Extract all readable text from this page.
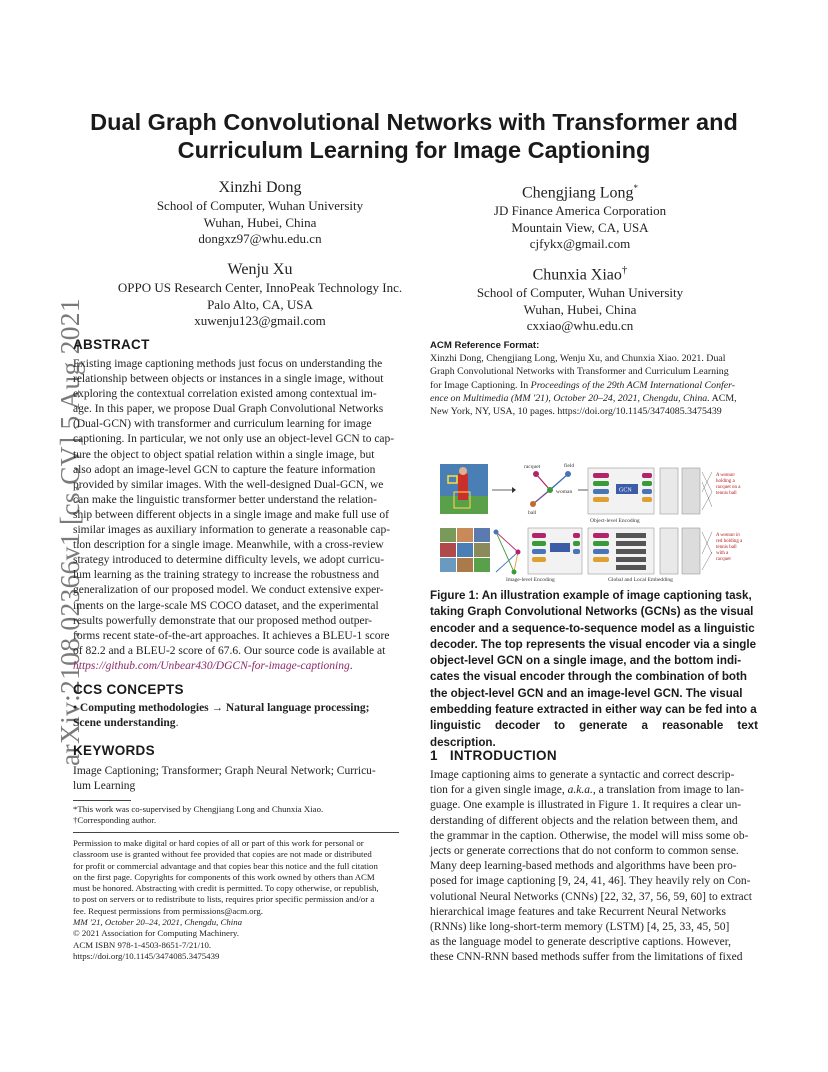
arXiv:2108.02366v1 [cs.CV] 5 Aug 2021
Dual Graph Convolutional Networks with Transformer and
Curriculum Learning for Image Captioning
Xinzhi Dong
School of Computer, Wuhan University
Wuhan, Hubei, China
dongxz97@whu.edu.cn
Chengjiang Long*
JD Finance America Corporation
Mountain View, CA, USA
cjfykx@gmail.com
Wenju Xu
OPPO US Research Center, InnoPeak Technology Inc.
Palo Alto, CA, USA
xuwenju123@gmail.com
Chunxia Xiao†
School of Computer, Wuhan University
Wuhan, Hubei, China
cxxiao@whu.edu.cn
ABSTRACT
Existing image captioning methods just focus on understanding the
relationship between objects or instances in a single image, without
exploring the contextual correlation existed among contextual im-
age. In this paper, we propose Dual Graph Convolutional Networks
(Dual-GCN) with transformer and curriculum learning for image
captioning. In particular, we not only use an object-level GCN to cap-
ture the object to object spatial relation within a single image, but
also adopt an image-level GCN to capture the feature information
provided by similar images. With the well-designed Dual-GCN, we
can make the linguistic transformer better understand the relation-
ship between different objects in a single image and make full use of
similar images as auxiliary information to generate a reasonable cap-
tion description for a single image. Meanwhile, with a cross-review
strategy introduced to determine difficulty levels, we adopt curricu-
lum learning as the training strategy to increase the robustness and
generalization of our proposed model. We conduct extensive exper-
iments on the large-scale MS COCO dataset, and the experimental
results powerfully demonstrate that our proposed method outper-
forms recent state-of-the-art approaches. It achieves a BLEU-1 score
of 82.2 and a BLEU-2 score of 67.6. Our source code is available at
https://github.com/Unbear430/DGCN-for-image-captioning.
CCS CONCEPTS
• Computing methodologies → Natural language processing;
Scene understanding.
KEYWORDS
Image Captioning; Transformer; Graph Neural Network; Curricu-
lum Learning
*This work was co-supervised by Chengjiang Long and Chunxia Xiao.
†Corresponding author.
Permission to make digital or hard copies of all or part of this work for personal or
classroom use is granted without fee provided that copies are not made or distributed
for profit or commercial advantage and that copies bear this notice and the full citation
on the first page. Copyrights for components of this work owned by others than ACM
must be honored. Abstracting with credit is permitted. To copy otherwise, or republish,
to post on servers or to redistribute to lists, requires prior specific permission and/or a
fee. Request permissions from permissions@acm.org.
MM '21, October 20–24, 2021, Chengdu, China
© 2021 Association for Computing Machinery.
ACM ISBN 978-1-4503-8651-7/21/10.
https://doi.org/10.1145/3474085.3475439
ACM Reference Format:
Xinzhi Dong, Chengjiang Long, Wenju Xu, and Chunxia Xiao. 2021. Dual
Graph Convolutional Networks with Transformer and Curriculum Learning
for Image Captioning. In Proceedings of the 29th ACM International Confer-
ence on Multimedia (MM '21), October 20–24, 2021, Chengdu, China. ACM,
New York, NY, USA, 10 pages. https://doi.org/10.1145/3474085.3475439
racquet	field
woman
ball
GCN
A woman
holding a
racquet on a
tennis ball
Object-level Encoding
A woman in
red holding a
tennis ball
with a
racquet
Image-level Encoding	Global and Local Embedding
Figure 1: An illustration example of image captioning task,
taking Graph Convolutional Networks (GCNs) as the visual
encoder and a sequence-to-sequence model as a linguistic
decoder. The top represents the visual encoder via a single
object-level GCN on a single image, and the bottom indi-
cates the visual encoder through the combination of both
the object-level GCN and an image-level GCN. The visual
embedding feature extracted in either way can be fed into a
linguistic decoder to generate a reasonable text description.
1 INTRODUCTION
Image captioning aims to generate a syntactic and correct descrip-
tion for a given single image, a.k.a., a translation from image to lan-
guage. One example is illustrated in Figure 1. It requires a clear un-
derstanding of different objects and the relation between them, and
the grammar in the caption. Otherwise, the model will miss some ob-
jects or generate corrections that do not conform to common sense.
Many deep learning-based methods and algorithms have been pro-
posed for image captioning [9, 24, 41, 46]. They heavily rely on Con-
volutional Neural Networks (CNNs) [22, 32, 37, 56, 59, 60] to extract
hierarchical image features and take Recurrent Neural Networks
(RNNs) like long-short-term memory (LSTM) [4, 25, 33, 45, 50]
as the language model to generate descriptive captions. However,
these CNN-RNN based methods suffer from the limitations of fixed
